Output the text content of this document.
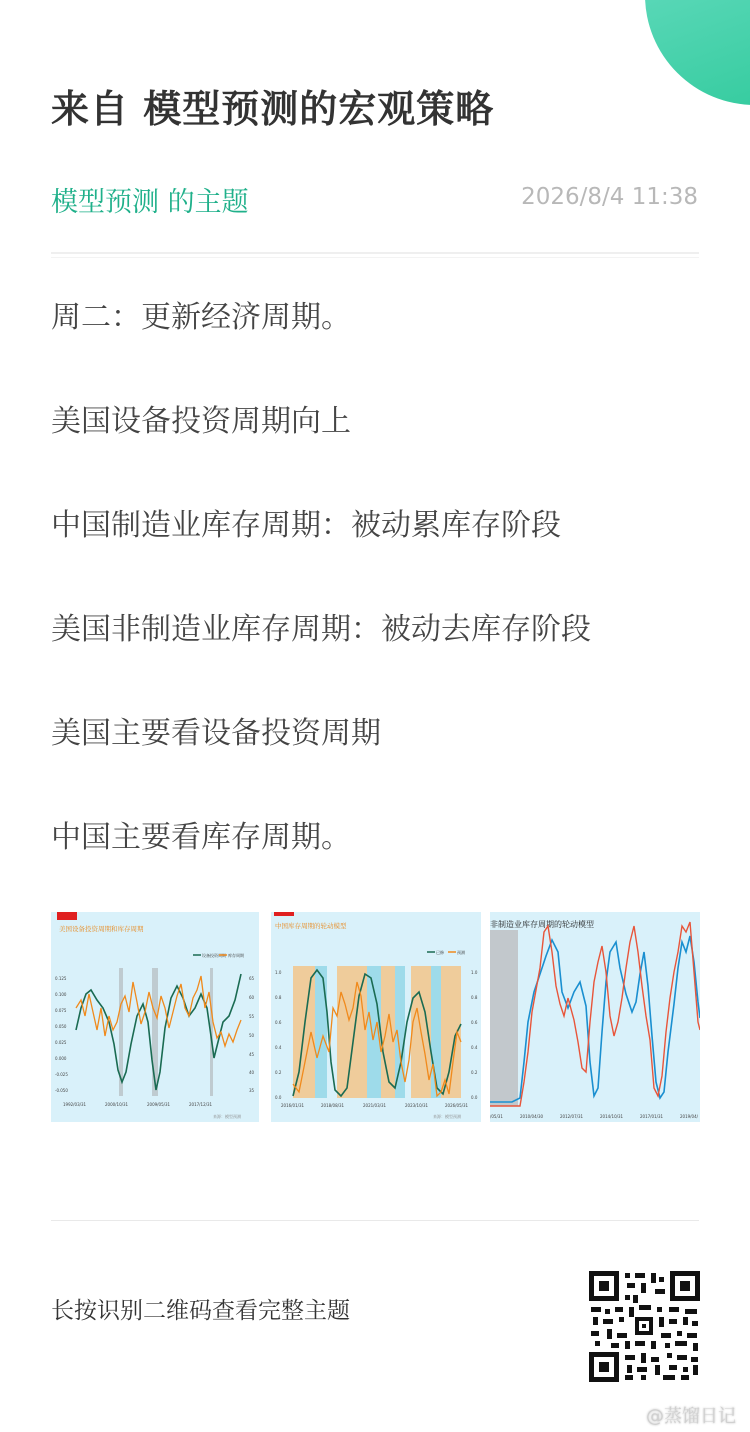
来自 模型预测的宏观策略
模型预测 的主题	2026/8/4 11:38
周二：更新经济周期。
美国设备投资周期向上
中国制造业库存周期：被动累库存阶段
美国非制造业库存周期：被动去库存阶段
美国主要看设备投资周期
中国主要看库存周期。
美国设备投资周期和库存周期
设备投资周期 库存周期
0.125
0.100
0.075
0.050
0.025
0.000
-0.025
-0.050
65
60
55
50
45
40
35
1992/03/31	2000/10/31	2009/05/31	2017/12/31
来源：模型预测
中国库存周期的轮动模型
已修	预测
1.0
0.8
0.6
0.4
0.2
0.0
1.0
0.8
0.6
0.4
0.2
0.0
2016/01/31	2018/08/31	2021/03/31	2023/10/31	2026/05/31
来源：模型预测
非制造业库存周期的轮动模型
/05/31	2010/04/30	2012/07/31	2014/10/31	2017/01/31	2019/04/
长按识别二维码查看完整主题
@蒸馏日记
